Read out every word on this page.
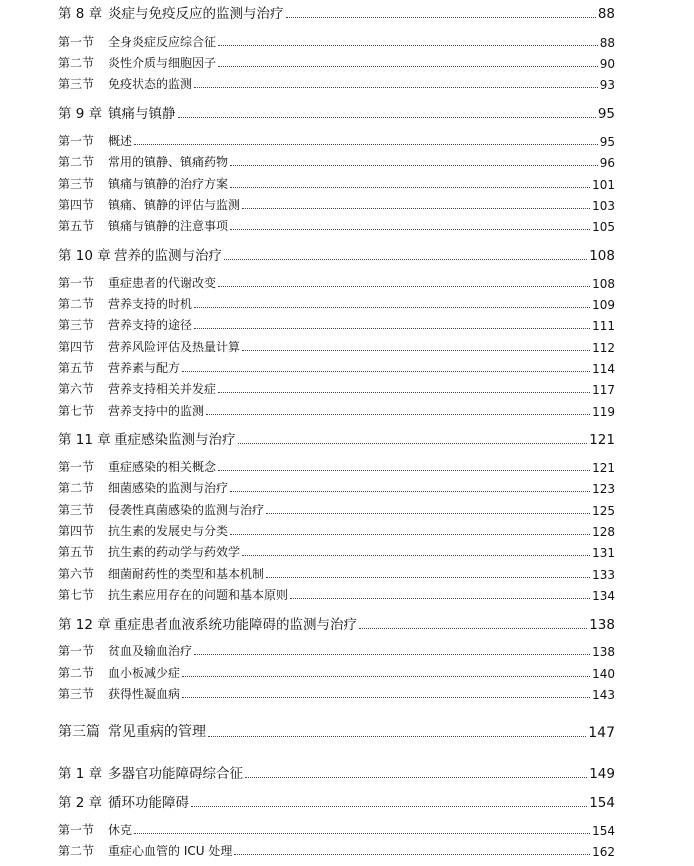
第 8 章 炎症与免疫反应的监测与治疗	88
第一节	全身炎症反应综合征	88
第二节	炎性介质与细胞因子	90
第三节	免疫状态的监测	93
第 9 章 镇痛与镇静	95
第一节	概述	95
第二节	常用的镇静、镇痛药物	96
第三节	镇痛与镇静的治疗方案	101
第四节	镇痛、镇静的评估与监测	103
第五节	镇痛与镇静的注意事项	105
第 10 章 营养的监测与治疗	108
第一节	重症患者的代谢改变	108
第二节	营养支持的时机	109
第三节	营养支持的途径	111
第四节	营养风险评估及热量计算	112
第五节	营养素与配方	114
第六节	营养支持相关并发症	117
第七节	营养支持中的监测	119
第 11 章 重症感染监测与治疗	121
第一节	重症感染的相关概念	121
第二节	细菌感染的监测与治疗	123
第三节	侵袭性真菌感染的监测与治疗	125
第四节	抗生素的发展史与分类	128
第五节	抗生素的药动学与药效学	131
第六节	细菌耐药性的类型和基本机制	133
第七节	抗生素应用存在的问题和基本原则	134
第 12 章 重症患者血液系统功能障碍的监测与治疗	138
第一节	贫血及输血治疗	138
第二节	血小板减少症	140
第三节	获得性凝血病	143
第三篇 常见重病的管理	147
第 1 章 多器官功能障碍综合征	149
第 2 章 循环功能障碍	154
第一节	休克	154
第二节	重症心血管的 ICU 处理	162
